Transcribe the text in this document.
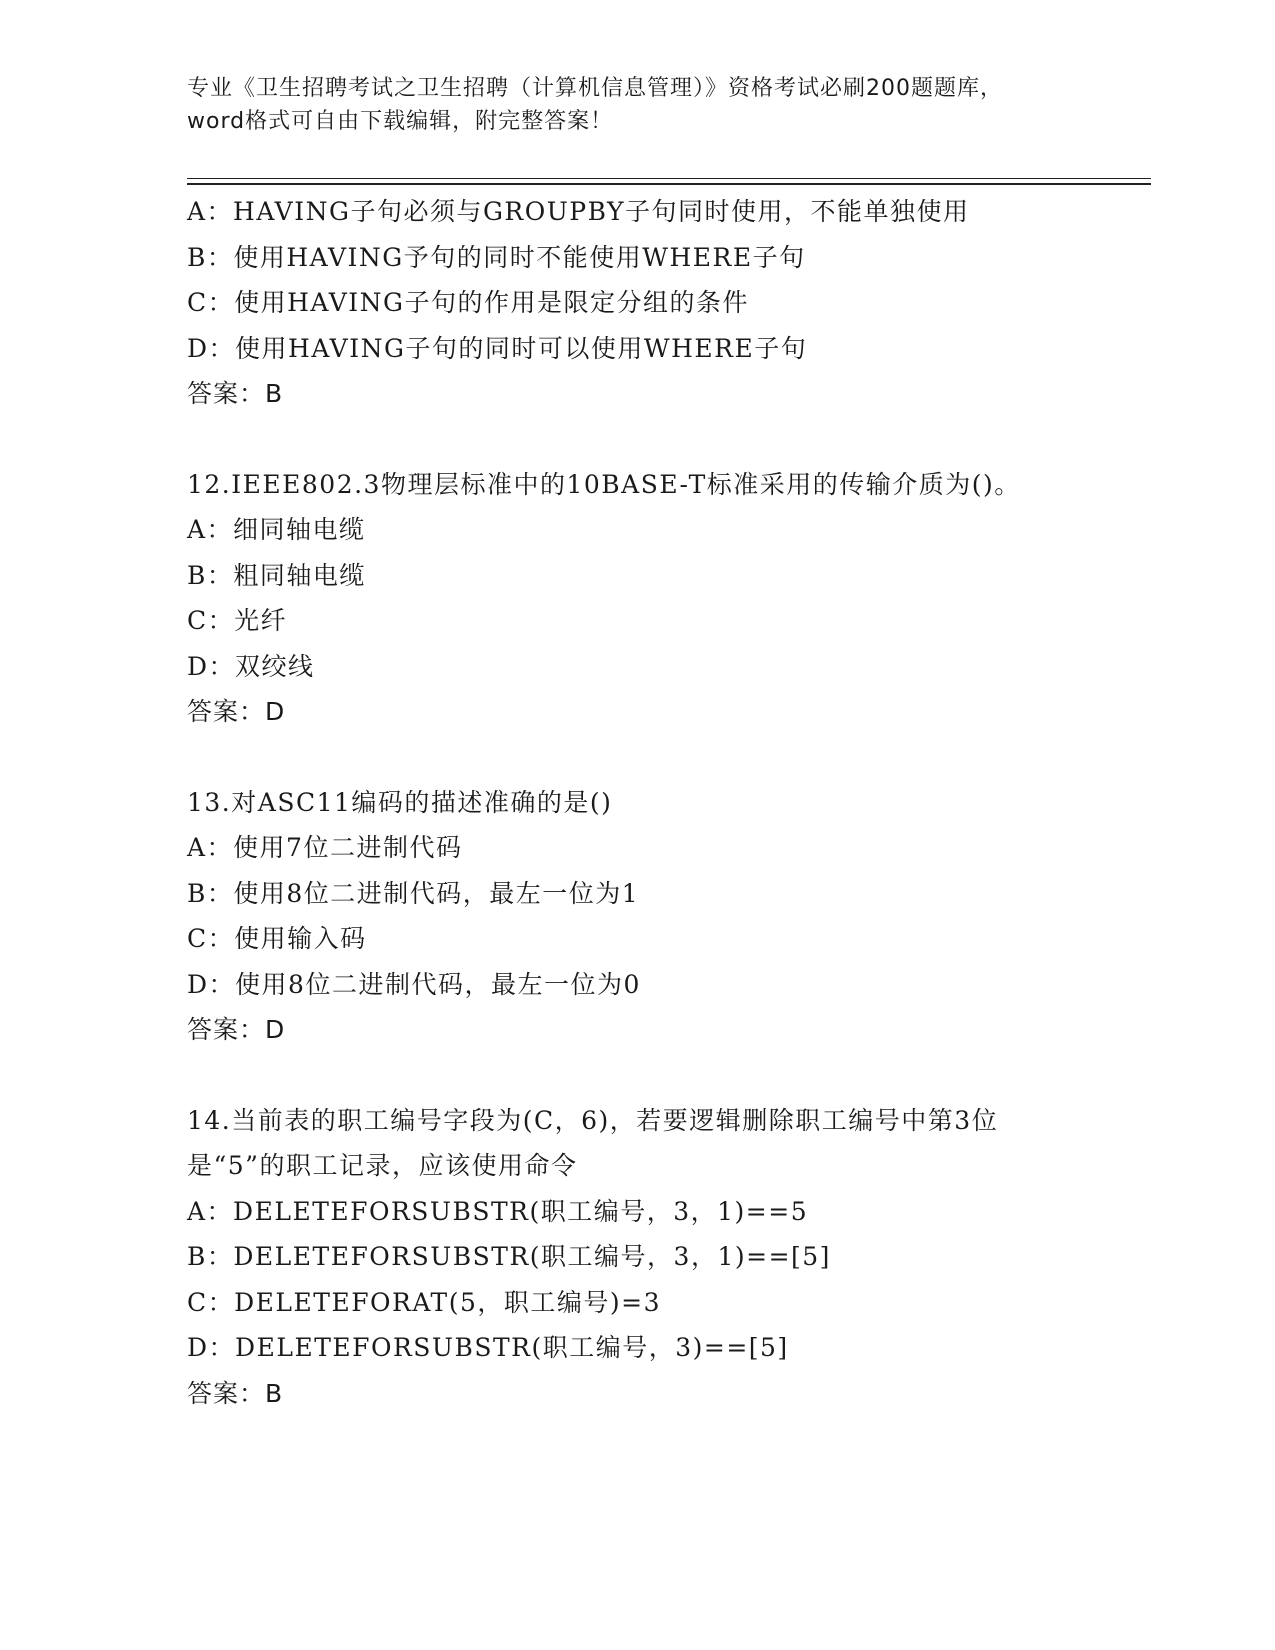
专业《卫生招聘考试之卫生招聘（计算机信息管理）》资格考试必刷200题题库，
word格式可自由下载编辑，附完整答案！
A：HAVING子句必须与GROUPBY子句同时使用，不能单独使用
B：使用HAVING予句的同时不能使用WHERE子句
C：使用HAVING子句的作用是限定分组的条件
D：使用HAVING子句的同时可以使用WHERE子句
答案：B
12.IEEE802.3物理层标准中的10BASE-T标准采用的传输介质为()。
A：细同轴电缆
B：粗同轴电缆
C：光纤
D：双绞线
答案：D
13.对ASC11编码的描述准确的是()
A：使用7位二进制代码
B：使用8位二进制代码，最左一位为1
C：使用输入码
D：使用8位二进制代码，最左一位为0
答案：D
14.当前表的职工编号字段为(C，6)，若要逻辑删除职工编号中第3位是“5”的职工记录，应该使用命令
A：DELETEFORSUBSTR(职工编号，3，1)==5
B：DELETEFORSUBSTR(职工编号，3，1)==[5]
C：DELETEFORAT(5，职工编号)=3
D：DELETEFORSUBSTR(职工编号，3)==[5]
答案：B
